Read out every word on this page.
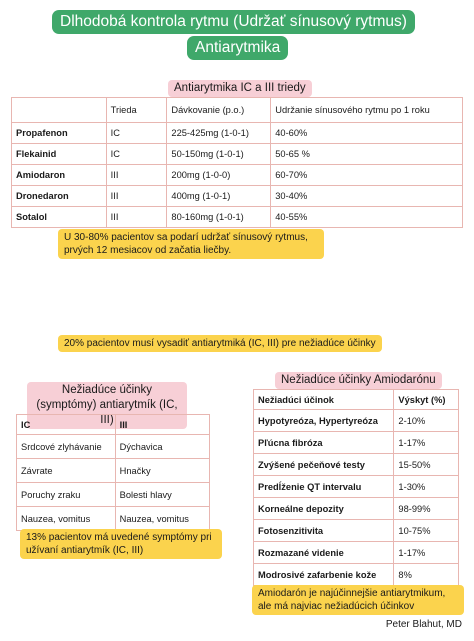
Dlhodobá kontrola rytmu (Udržať sínusový rytmus)
Antiarytmika
Antiarytmika IC a III triedy
	Trieda	Dávkovanie (p.o.)	Udržanie sínusového rytmu po 1 roku
Propafenon	IC	225-425mg (1-0-1)	40-60%
Flekainid	IC	50-150mg (1-0-1)	50-65 %
Amiodaron	III	200mg (1-0-0)	60-70%
Dronedaron	III	400mg (1-0-1)	30-40%
Sotalol	III	80-160mg (1-0-1)	40-55%
U 30-80% pacientov sa podarí udržať sínusový rytmus, prvých 12 mesiacov od začatia liečby.
20% pacientov musí vysadiť antiarytmiká (IC, III) pre nežiadúce účinky
Nežiadúce účinky (symptómy) antiarytmík (IC, III)
IC	III
Srdcové zlyhávanie	Dýchavica
Závrate	Hnačky
Poruchy zraku	Bolesti hlavy
Nauzea, vomitus	Nauzea, vomitus
13% pacientov má uvedené symptómy pri užívaní antiarytmík (IC, III)
Nežiadúce účinky Amiodarónu
Nežiadúci účinok	Výskyt (%)
Hypotyreóza, Hypertyreóza	2-10%
Pľúcna fibróza	1-17%
Zvýšené pečeňové testy	15-50%
Predĺženie QT intervalu	1-30%
Korneálne depozity	98-99%
Fotosenzitivita	10-75%
Rozmazané videnie	1-17%
Modrosivé zafarbenie kože	8%
Amiodarón je najúčinnejšie antiarytmikum, ale má najviac nežiadúcich účinkov
Peter Blahut, MD
